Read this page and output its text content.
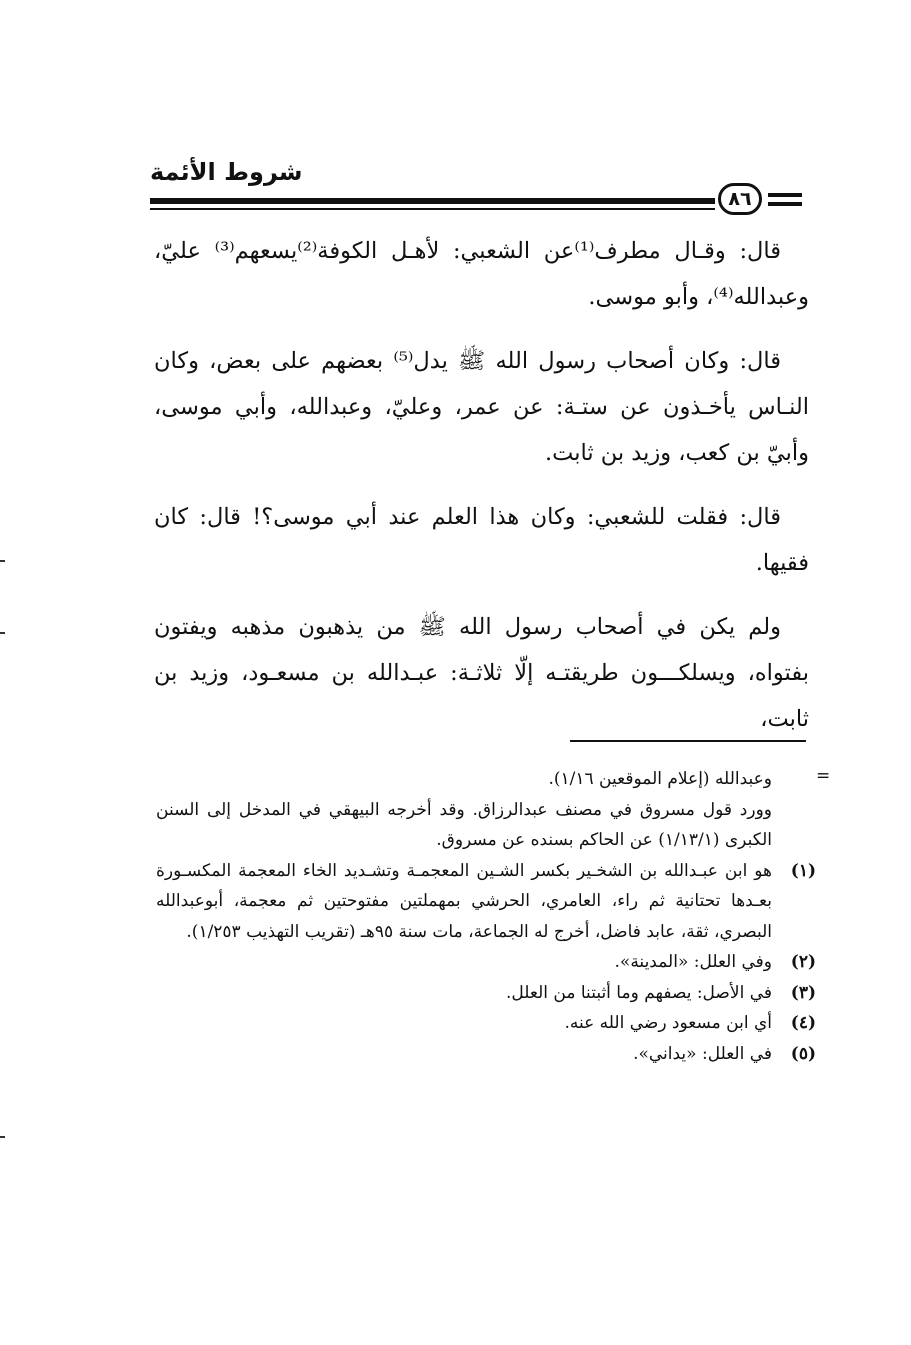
شروط الأئمة
٨٦

قال: وقـال مطرف⁽¹⁾عن الشعبي: لأهـل الكوفة⁽²⁾يسعهم⁽³⁾ عليّ، وعبدالله⁽⁴⁾، وأبو موسى.

قال: وكان أصحاب رسول الله ﷺ يدل⁽⁵⁾ بعضهم على بعض، وكان النـاس يأخـذون عن ستـة: عن عمر، وعليّ، وعبدالله، وأبي موسى، وأبيّ بن كعب، وزيد بن ثابت.

قال: فقلت للشعبي: وكان هذا العلم عند أبي موسى؟! قال: كان فقيها.

ولم يكن في أصحاب رسول الله ﷺ من يذهبون مذهبه ويفتون بفتواه، ويسلكـــون طريقتـه إلّا ثلاثـة: عبـدالله بن مسعـود، وزيد بن ثابت،

=

وعبدالله (إعلام الموقعين ١/١٦).

وورد قول مسروق في مصنف عبدالرزاق. وقد أخرجه البيهقي في المدخل إلى السنن الكبرى (١/١٣/١) عن الحاكم بسنده عن مسروق.

(١)
هو ابن عبـدالله بن الشخـير بكسر الشـين المعجمـة وتشـديد الخاء المعجمة المكسـورة بعـدها تحتانية ثم راء، العامري، الحرشي بمهملتين مفتوحتين ثم معجمة، أبوعبدالله البصري، ثقة، عابد فاضل، أخرج له الجماعة، مات سنة ٩٥هـ (تقريب التهذيب ١/٢٥٣).
(٢)
وفي العلل: «المدينة».
(٣)
في الأصل: يصفهم وما أثبتنا من العلل.
(٤)
أي ابن مسعود رضي الله عنه.
(٥)
في العلل: «يداني».
